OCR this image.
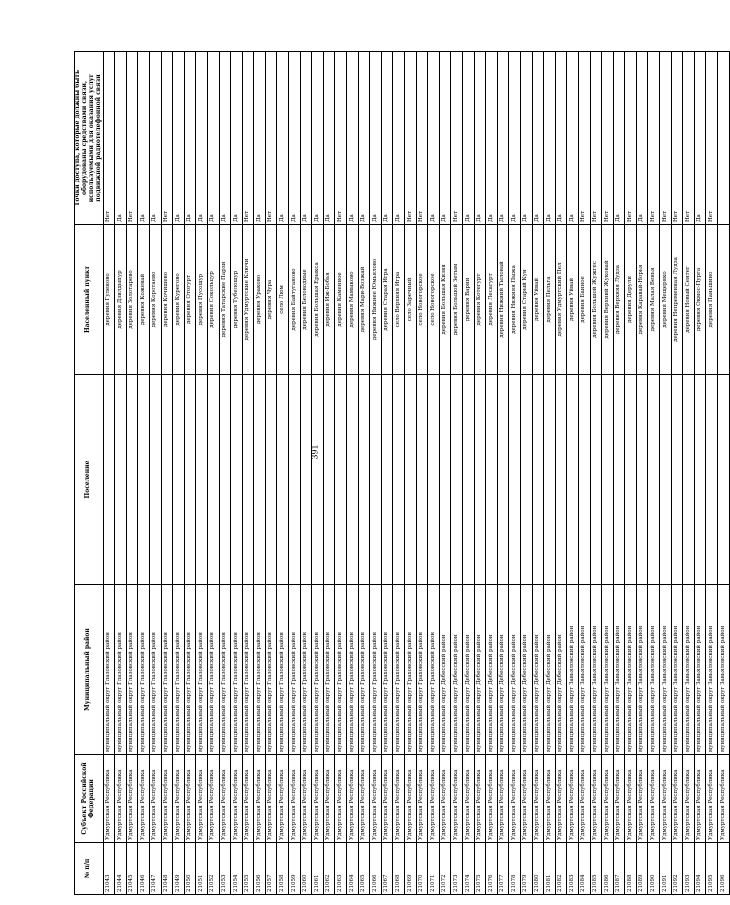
391
№ п/п	Субъект Российской Федерации	Муниципальный район	Поселение	Населенный пункт	Точки доступа, которые должны быть оборудованы средствами связи, используемыми для оказания услуг подвижной радиотелефонной связи
21043	Удмуртская Республика	муниципальный округ Глазовский район		деревня Гуленово	Нет
21044	Удмуртская Республика	муниципальный округ Глазовский район		деревня Дзилдыпур	Да
21045	Удмуртская Республика	муниципальный округ Глазовский район		деревня Золотарево	Нет
21046	Удмуртская Республика	муниципальный округ Глазовский район		деревня Кожевай	Да
21047	Удмуртская Республика	муниципальный округ Глазовский район		деревня Коротаево	Да
21048	Удмуртская Республика	муниципальный округ Глазовский район		деревня Кочишево	Нет
21049	Удмуртская Республика	муниципальный округ Глазовский район		деревня Курегово	Да
21050	Удмуртская Республика	муниципальный округ Глазовский район		деревня Отогурт	Да
21051	Удмуртская Республика	муниципальный округ Глазовский район		деревня Пусошур	Да
21052	Удмуртская Республика	муниципальный округ Глазовский район		деревня Сокольцур	Да
21053	Удмуртская Республика	муниципальный округ Глазовский район		деревня Татарские Парзи	Да
21054	Удмуртская Республика	муниципальный округ Глазовский район		деревня Тубелошур	Да
21055	Удмуртская Республика	муниципальный округ Глазовский район		деревня Удмуртские Ключи	Нет
21056	Удмуртская Республика	муниципальный округ Глазовский район		деревня Ураково	Да
21057	Удмуртская Республика	муниципальный округ Глазовский район		деревня Чура	Нет
21058	Удмуртская Республика	муниципальный округ Глазовский район		село Люм	Да
21059	Удмуртская Республика	муниципальный округ Граховский район		деревня Байтуганово	Да
21060	Удмуртская Республика	муниципальный округ Граховский район		деревня Беловодные	Да
21061	Удмуртская Республика	муниципальный округ Граховский район		деревня Большая Ерыкса	Да
21062	Удмуртская Республика	муниципальный округ Граховский район		деревня Иж-Бобья	Да
21063	Удмуртская Республика	муниципальный округ Граховский район		деревня Каменное	Нет
21064	Удмуртская Республика	муниципальный округ Граховский район		деревня Мамыково	Да
21065	Удмуртская Республика	муниципальный округ Граховский район		деревня Мари-Возжай	Да
21066	Удмуртская Республика	муниципальный округ Граховский район		деревня Нижнее Юмьялово	Да
21067	Удмуртская Республика	муниципальный округ Граховский район		деревня Старая Игра	Да
21068	Удмуртская Республика	муниципальный округ Граховский район		село Верхняя Игра	Да
21069	Удмуртская Республика	муниципальный округ Граховский район		село Заречный	Нет
21070	Удмуртская Республика	муниципальный округ Граховский район		село Новогорское	Нет
21071	Удмуртская Республика	муниципальный округ Граховский район		село Новогорское	Да
21072	Удмуртская Республика	муниципальный округ Дебесский район		деревня Большая Кизвя	Да
21073	Удмуртская Республика	муниципальный округ Дебесский район		деревня Большой Зетым	Нет
21074	Удмуртская Республика	муниципальный округ Дебесский район		деревня Варни	Да
21075	Удмуртская Республика	муниципальный округ Дебесский район		деревня Котегурт	Да
21076	Удмуртская Республика	муниципальный округ Дебесский район		деревня Лесагурт	Да
21077	Удмуртская Республика	муниципальный округ Дебесский район		деревня Нижний Тыловай	Да
21078	Удмуртская Республика	муниципальный округ Дебесский район		деревня Нижняя Пыжа	Да
21079	Удмуртская Республика	муниципальный округ Дебесский район		деревня Старый Кун	Да
21080	Удмуртская Республика	муниципальный округ Дебесский район		деревня Уйвай	Да
21081	Удмуртская Республика	муниципальный округ Дебесский район		деревня Пельга	Да
21082	Удмуртская Республика	муниципальный округ Дебесский район		деревня Удмуртский Пел	Да
21083	Удмуртская Республика	муниципальный округ Завьяловский район		деревня Уйвай	Да
21084	Удмуртская Республика	муниципальный округ Завьяловский район		деревня Банное	Нет
21085	Удмуртская Республика	муниципальный округ Завьяловский район		деревня Большой Жужгес	Нет
21086	Удмуртская Республика	муниципальный округ Завьяловский район		деревня Верхний Жуковай	Нет
21087	Удмуртская Республика	муниципальный округ Завьяловский район		деревня Верхняя Лудза	Да
21088	Удмуртская Республика	муниципальный округ Завьяловский район		деревня Дерули	Нет
21089	Удмуртская Республика	муниципальный округ Завьяловский район		деревня Каравай-Норья	Да
21090	Удмуртская Республика	муниципальный округ Завьяловский район		деревня Малая Венья	Нет
21091	Удмуртская Республика	муниципальный округ Завьяловский район		деревня Мещеряко	Нет
21092	Удмуртская Республика	муниципальный округ Завьяловский район		деревня Непременная Лудза	Нет
21093	Удмуртская Республика	муниципальный округ Завьяловский район		деревня Новый Сентег	Нет
21094	Удмуртская Республика	муниципальный округ Завьяловский район		деревня Окмос-Пурга	Да
21095	Удмуртская Республика	муниципальный округ Завьяловский район		деревня Паньшино	Нет
21096	Удмуртская Республика	муниципальный округ Завьяловский район			
